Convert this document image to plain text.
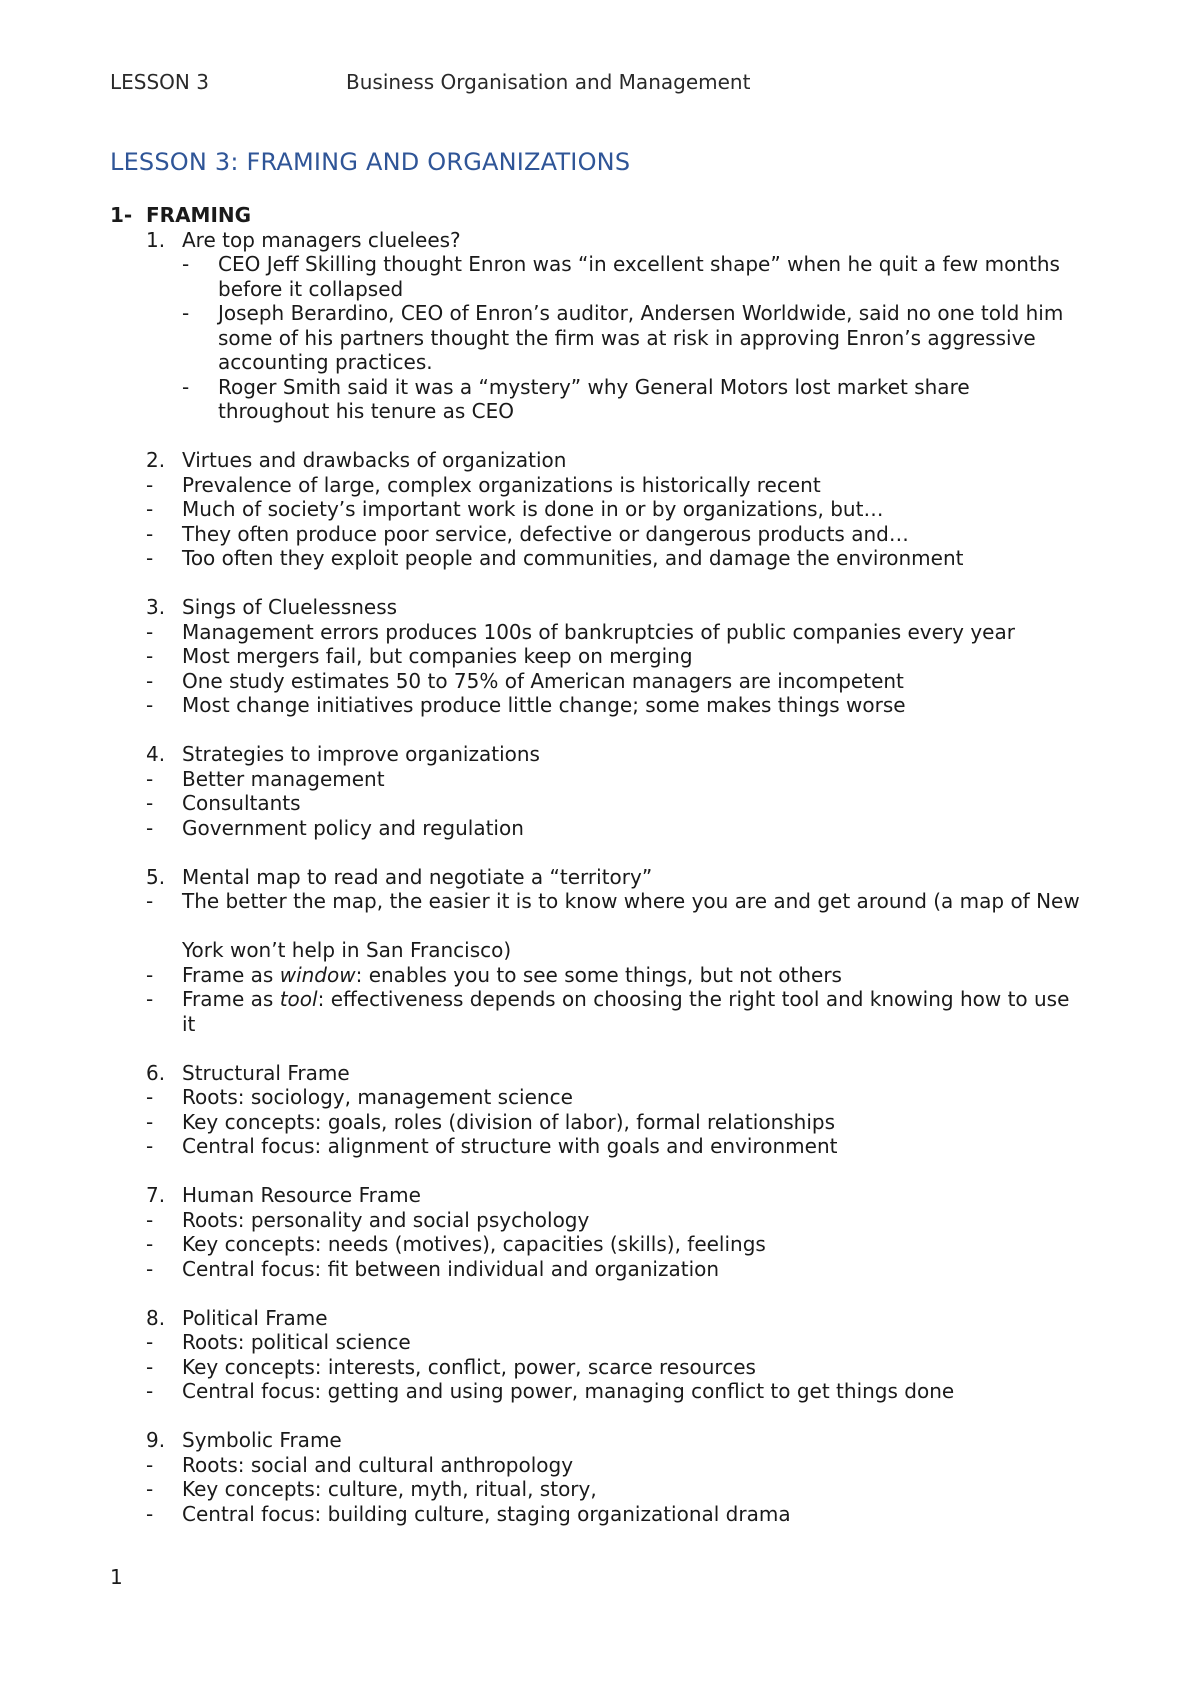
LESSON 3	Business Organisation and Management
LESSON 3: FRAMING AND ORGANIZATIONS
1- FRAMING
1. Are top managers cluelees?
-	CEO Jeff Skilling thought Enron was “in excellent shape” when he quit a few months
before it collapsed
-	Joseph Berardino, CEO of Enron’s auditor, Andersen Worldwide, said no one told him
some of his partners thought the firm was at risk in approving Enron’s aggressive
accounting practices.
-	Roger Smith said it was a “mystery” why General Motors lost market share
throughout his tenure as CEO
2. Virtues and drawbacks of organization
-	Prevalence of large, complex organizations is historically recent
-	Much of society’s important work is done in or by organizations, but…
-	They often produce poor service, defective or dangerous products and…
-	Too often they exploit people and communities, and damage the environment
3. Sings of Cluelessness
-	Management errors produces 100s of bankruptcies of public companies every year
-	Most mergers fail, but companies keep on merging
-	One study estimates 50 to 75% of American managers are incompetent
-	Most change initiatives produce little change; some makes things worse
4. Strategies to improve organizations
-	Better management
-	Consultants
-	Government policy and regulation
5. Mental map to read and negotiate a “territory”
-	The better the map, the easier it is to know where you are and get around (a map of New
York won’t help in San Francisco)
-	Frame as window: enables you to see some things, but not others
-	Frame as tool: effectiveness depends on choosing the right tool and knowing how to use
it
6. Structural Frame
-	Roots: sociology, management science
-	Key concepts: goals, roles (division of labor), formal relationships
-	Central focus: alignment of structure with goals and environment
7. Human Resource Frame
-	Roots: personality and social psychology
-	Key concepts: needs (motives), capacities (skills), feelings
-	Central focus: fit between individual and organization
8. Political Frame
-	Roots: political science
-	Key concepts: interests, conflict, power, scarce resources
-	Central focus: getting and using power, managing conflict to get things done
9. Symbolic Frame
-	Roots: social and cultural anthropology
-	Key concepts: culture, myth, ritual, story,
-	Central focus: building culture, staging organizational drama
1
